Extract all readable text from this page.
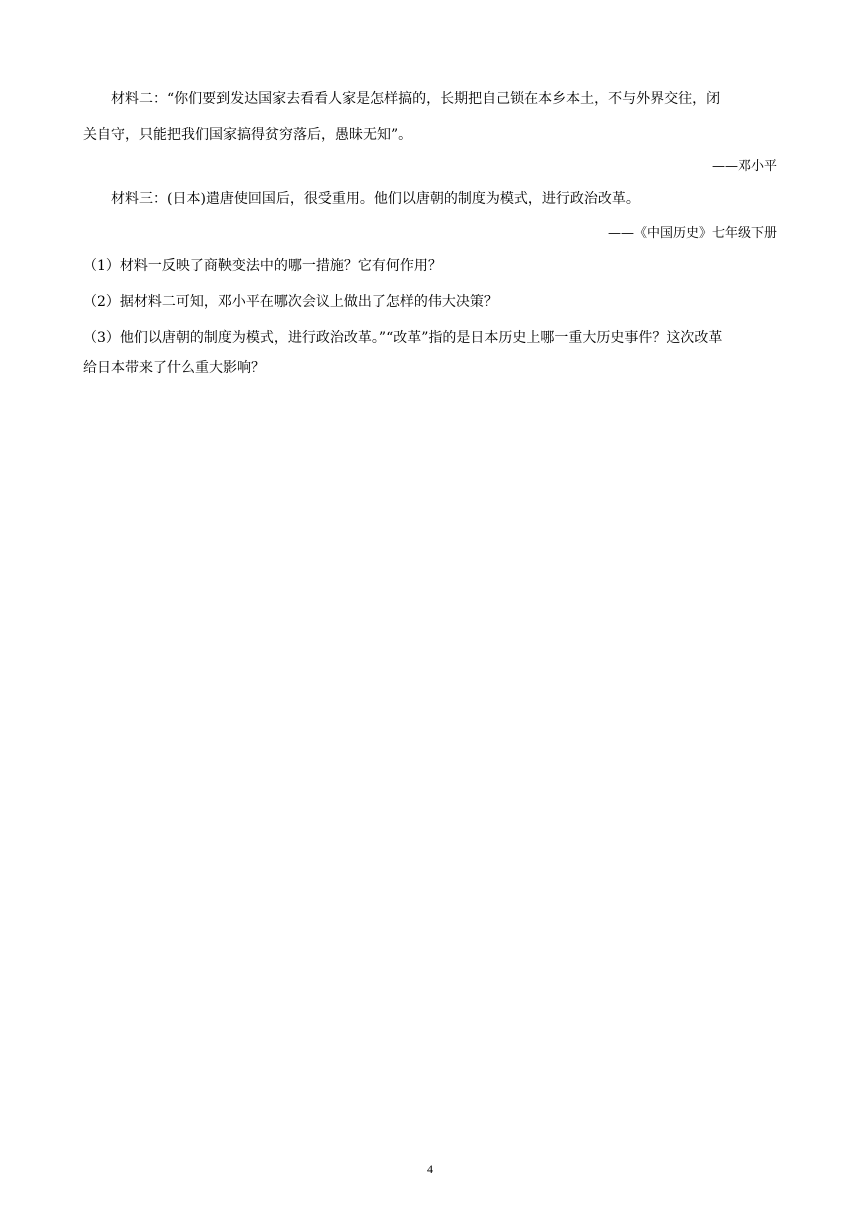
材料二：“你们要到发达国家去看看人家是怎样搞的，长期把自己锁在本乡本土，不与外界交往，闭
关自守，只能把我们国家搞得贫穷落后，愚昧无知”。
——邓小平
材料三：(日本)遣唐使回国后，很受重用。他们以唐朝的制度为模式，进行政治改革。
——《中国历史》七年级下册
（1）材料一反映了商鞅变法中的哪一措施？它有何作用？
（2）据材料二可知，邓小平在哪次会议上做出了怎样的伟大决策？
（3）他们以唐朝的制度为模式，进行政治改革。”“改革”指的是日本历史上哪一重大历史事件？这次改革
给日本带来了什么重大影响？
4
